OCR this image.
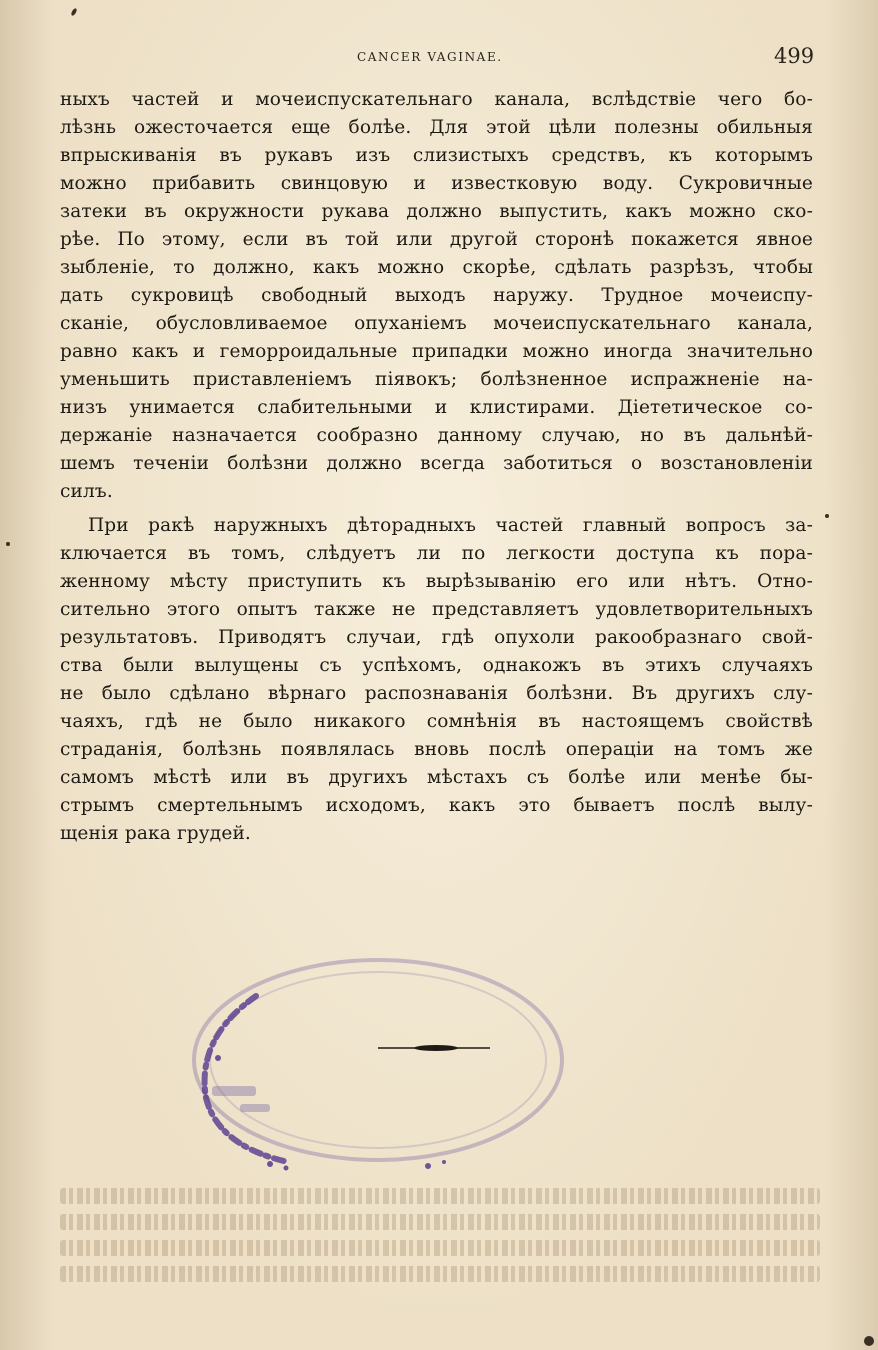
CANCER VAGINAE.	499
ныхъ частей и мочеиспускательнаго канала, вслѣдствіе чего бо-
лѣзнь ожесточается еще болѣе. Для этой цѣли полезны обильныя
впрыскиванія въ рукавъ изъ слизистыхъ средствъ, къ которымъ
можно прибавить свинцовую и известковую воду. Сукровичные
затеки въ окружности рукава должно выпустить, какъ можно ско-
рѣе. По этому, если въ той или другой сторонѣ покажется явное
зыбленіе, то должно, какъ можно скорѣе, сдѣлать разрѣзъ, чтобы
дать сукровицѣ свободный выходъ наружу. Трудное мочеиспу-
сканіе, обусловливаемое опуханіемъ мочеиспускательнаго канала,
равно какъ и геморроидальные припадки можно иногда значительно
уменьшить приставленіемъ піявокъ; болѣзненное испражненіе на-
низъ унимается слабительными и клистирами. Діететическое со-
держаніе назначается сообразно данному случаю, но въ дальнѣй-
шемъ теченіи болѣзни должно всегда заботиться о возстановленіи
силъ.
При ракѣ наружныхъ дѣторадныхъ частей главный вопросъ за-
ключается въ томъ, слѣдуетъ ли по легкости доступа къ пора-
женному мѣсту приступить къ вырѣзыванію его или нѣтъ. Отно-
сительно этого опытъ также не представляетъ удовлетворительныхъ
результатовъ. Приводятъ случаи, гдѣ опухоли ракообразнаго свой-
ства были вылущены съ успѣхомъ, однакожъ въ этихъ случаяхъ
не было сдѣлано вѣрнаго распознаванія болѣзни. Въ другихъ слу-
чаяхъ, гдѣ не было никакого сомнѣнія въ настоящемъ свойствѣ
страданія, болѣзнь появлялась вновь послѣ операціи на томъ же
самомъ мѣстѣ или въ другихъ мѣстахъ съ болѣе или менѣе бы-
стрымъ смертельнымъ исходомъ, какъ это бываетъ послѣ вылу-
щенія рака грудей.
